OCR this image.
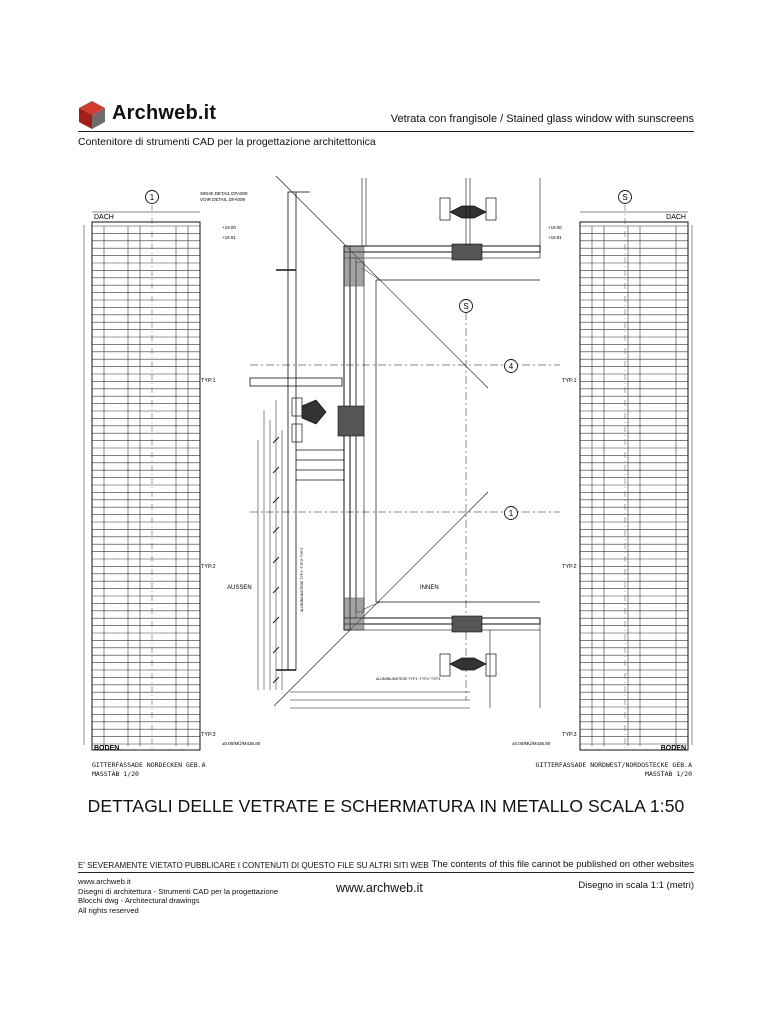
Archweb.it	Vetrata con frangisole / Stained glass window with sunscreens
Contenitore di strumenti CAD per la progettazione architettonica
1
DACH
BODEN
TYP.1
TYP.2
TYP.3
SIEHE DETAIL DFA009
VOIR DETAIL DFA009
+19.00
+18.91
±0.00/MÜ/M436.80
S
DACH
BODEN
TYP.1
TYP.2
TYP.3
+19.00
+18.91
±0.00/MÜ/M436.80
S
4
1
AUSSEN	INNEN
ALUMINIUMSTEGE TYP.1−TYP.2−TYP.3
ALUMINIUMSTEGE TYP.1−TYP.2−TYP.3
GITTERFASSADE NORDECKEN GEB.A
MASSTAB 1/20
GITTERFASSADE NORDWEST/NORDOSTECKE GEB.A
MASSTAB 1/20
DETTAGLI DELLE VETRATE E SCHERMATURA IN METALLO SCALA 1:50
E' SEVERAMENTE VIETATO PUBBLICARE I CONTENUTI DI QUESTO FILE SU ALTRI SITI WEB The contents of this file cannot be published on other websites
www.archweb.it
Disegni di architettura - Strumenti CAD per la progettazione
Blocchi dwg - Architectural drawings
All rights reserved
www.archweb.it	Disegno in scala 1:1 (metri)
